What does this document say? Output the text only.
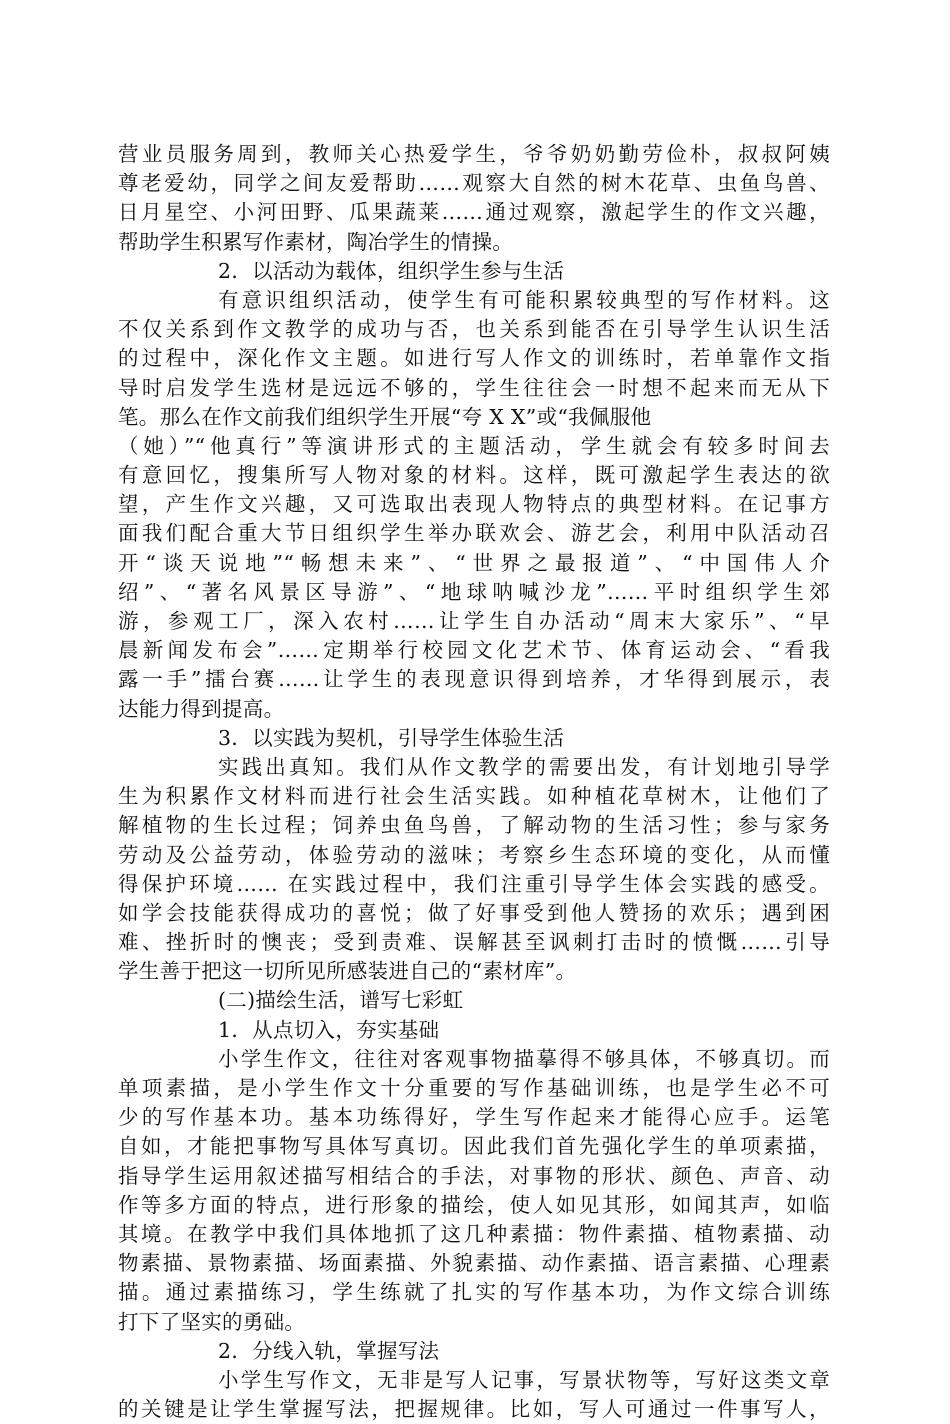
营业员服务周到，教师关心热爱学生，爷爷奶奶勤劳俭朴，叔叔阿姨
尊老爱幼，同学之间友爱帮助……观察大自然的树木花草、虫鱼鸟兽、
日月星空、小河田野、瓜果蔬莱……通过观察，激起学生的作文兴趣，
帮助学生积累写作素材，陶冶学生的情操。
2．以活动为载体，组织学生参与生活
有意识组织活动，使学生有可能积累较典型的写作材料。这
不仅关系到作文教学的成功与否，也关系到能否在引导学生认识生活
的过程中，深化作文主题。如进行写人作文的训练时，若单靠作文指
导时启发学生选材是远远不够的，学生往往会一时想不起来而无从下
笔。那么在作文前我们组织学生开展“夸 X X”或“我佩服他
（她）”“他真行”等演讲形式的主题活动，学生就会有较多时间去
有意回忆，搜集所写人物对象的材料。这样，既可激起学生表达的欲
望，产生作文兴趣，又可选取出表现人物特点的典型材料。在记事方
面我们配合重大节日组织学生举办联欢会、游艺会，利用中队活动召
开“谈天说地”“畅想未来”、“世界之最报道”、“中国伟人介
绍”、“著名风景区导游”、“地球呐喊沙龙”……平时组织学生郊
游，参观工厂，深入农村……让学生自办活动“周末大家乐”、“早
晨新闻发布会”……定期举行校园文化艺术节、体育运动会、“看我
露一手”擂台赛……让学生的表现意识得到培养，才华得到展示，表
达能力得到提高。
3．以实践为契机，引导学生体验生活
实践出真知。我们从作文教学的需要出发，有计划地引导学
生为积累作文材料而进行社会生活实践。如种植花草树木，让他们了
解植物的生长过程；饲养虫鱼鸟兽，了解动物的生活习性；参与家务
劳动及公益劳动，体验劳动的滋味；考察乡生态环境的变化，从而懂
得保护环境…… 在实践过程中，我们注重引导学生体会实践的感受。
如学会技能获得成功的喜悦；做了好事受到他人赞扬的欢乐；遇到困
难、挫折时的懊丧；受到责难、误解甚至讽刺打击时的愤慨……引导
学生善于把这一切所见所感装进自己的“素材库”。
(二)描绘生活，谱写七彩虹
1．从点切入，夯实基础
小学生作文，往往对客观事物描摹得不够具体，不够真切。而
单项素描，是小学生作文十分重要的写作基础训练，也是学生必不可
少的写作基本功。基本功练得好，学生写作起来才能得心应手。运笔
自如，才能把事物写具体写真切。因此我们首先强化学生的单项素描，
指导学生运用叙述描写相结合的手法，对事物的形状、颜色、声音、动
作等多方面的特点，进行形象的描绘，使人如见其形，如闻其声，如临
其境。在教学中我们具体地抓了这几种素描：物件素描、植物素描、动
物素描、景物素描、场面素描、外貌素描、动作素描、语言素描、心理素
描。通过素描练习，学生练就了扎实的写作基本功，为作文综合训练
打下了坚实的勇础。
2．分线入轨，掌握写法
小学生写作文，无非是写人记事，写景状物等，写好这类文章
的关键是让学生掌握写法，把握规律。比如，写人可通过一件事写人，
